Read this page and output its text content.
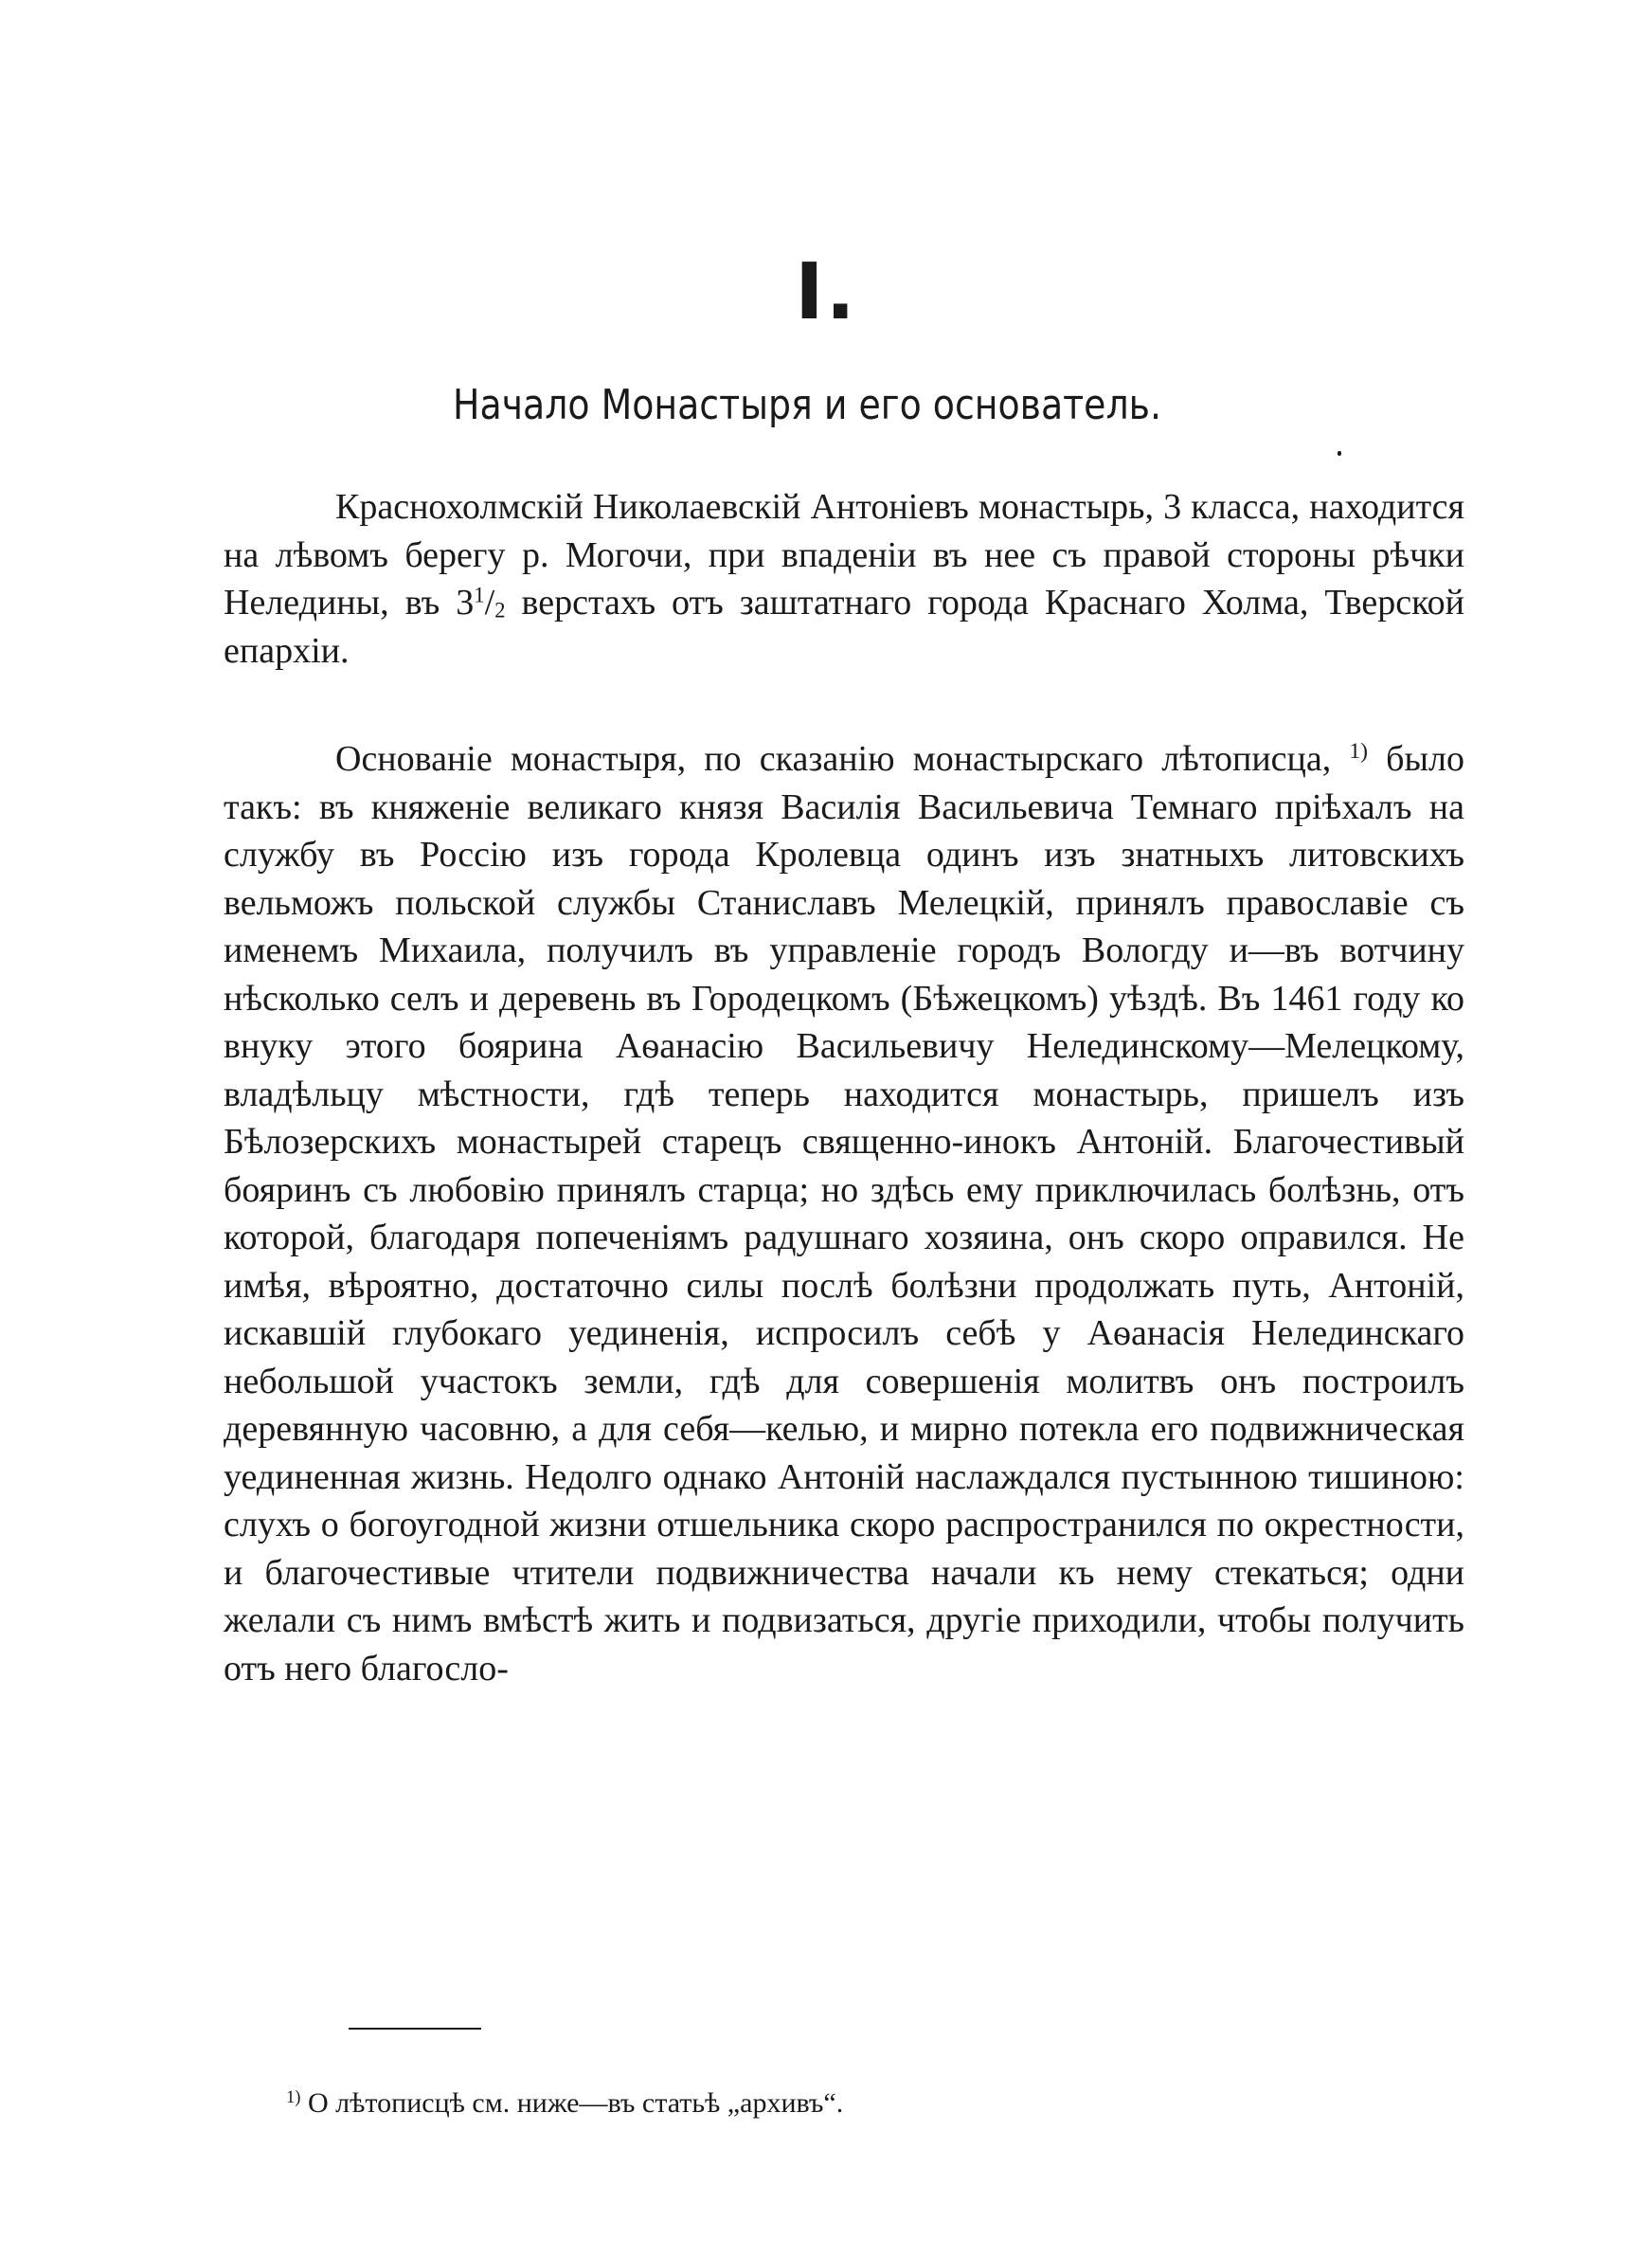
I.
Начало Монастыря и его основатель.

Краснохолмскій Николаевскій Антоніевъ монастырь, 3 класса, находится на лѣвомъ берегу р. Могочи, при впаденіи въ нее съ правой стороны рѣчки Неледины, въ $3^1/_2$ верстахъ отъ заштатнаго города Краснаго Холма, Тверской епархіи.

Основаніе монастыря, по сказанію монастырскаго лѣтописца, $^{1)}$ было такъ: въ княженіе великаго князя Василія Васильевича Темнаго пріѣхалъ на службу въ Россію изъ города Кролевца одинъ изъ знатныхъ литовскихъ вельможъ польской службы Станиславъ Мелецкій, принялъ православіе съ именемъ Михаила, получилъ въ управленіе городъ Вологду и—въ вотчину нѣсколько селъ и деревень въ Городецкомъ (Бѣжецкомъ) уѣздѣ. Въ 1461 году ко внуку этого боярина Аѳанасію Васильевичу Нелединскому—Мелецкому, владѣльцу мѣстности, гдѣ теперь находится монастырь, пришелъ изъ Бѣлозерскихъ монастырей старецъ священно-инокъ Антоній. Благочестивый бояринъ съ любовію принялъ старца; но здѣсь ему приключилась болѣзнь, отъ которой, благодаря попеченіямъ радушнаго хозяина, онъ скоро оправился. Не имѣя, вѣроятно, достаточно силы послѣ болѣзни продолжать путь, Антоній, искавшій глубокаго уединенія, испросилъ себѣ у Аѳанасія Нелединскаго небольшой участокъ земли, гдѣ для совершенія молитвъ онъ построилъ деревянную часовню, а для себя—келью, и мирно потекла его подвижническая уединенная жизнь. Недолго однако Антоній наслаждался пустынною тишиною: слухъ о богоугодной жизни отшельника скоро распространился по окрестности, и благочестивые чтители подвижничества начали къ нему стекаться; одни желали съ нимъ вмѣстѣ жить и подвизаться, другіе приходили, чтобы получить отъ него благосло-

$^{1)}$ О лѣтописцѣ см. ниже—въ статьѣ „архивъ“.
